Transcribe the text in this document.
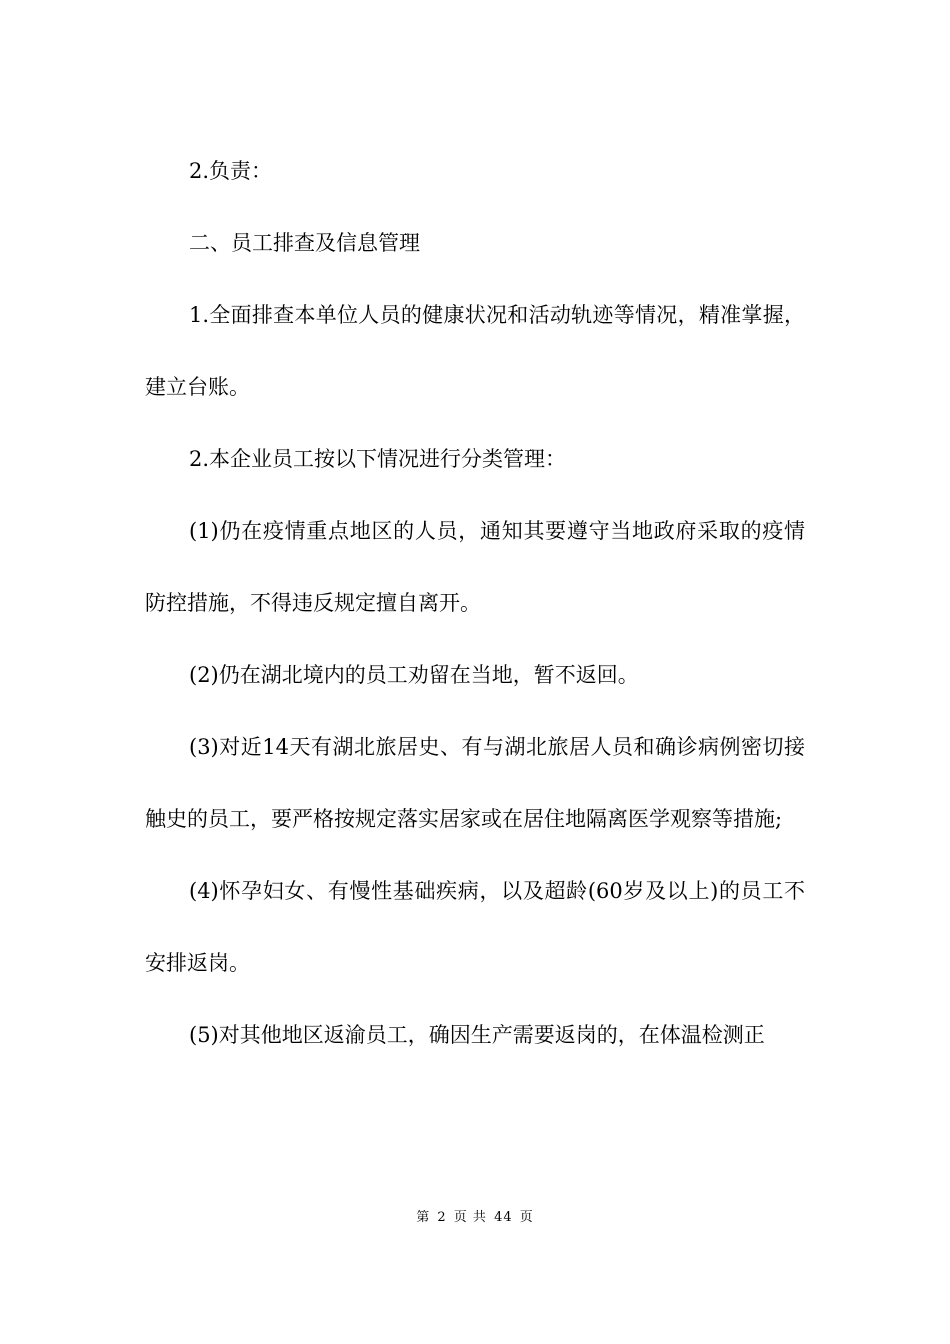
2.负责：

二、员工排查及信息管理

1.全面排查本单位人员的健康状况和活动轨迹等情况，精准掌握，建立台账。

2.本企业员工按以下情况进行分类管理：

(1)仍在疫情重点地区的人员，通知其要遵守当地政府采取的疫情防控措施，不得违反规定擅自离开。

(2)仍在湖北境内的员工劝留在当地，暂不返回。

(3)对近14天有湖北旅居史、有与湖北旅居人员和确诊病例密切接触史的员工，要严格按规定落实居家或在居住地隔离医学观察等措施;

(4)怀孕妇女、有慢性基础疾病，以及超龄(60岁及以上)的员工不安排返岗。

(5)对其他地区返渝员工，确因生产需要返岗的，在体温检测正

第 2 页 共 44 页
